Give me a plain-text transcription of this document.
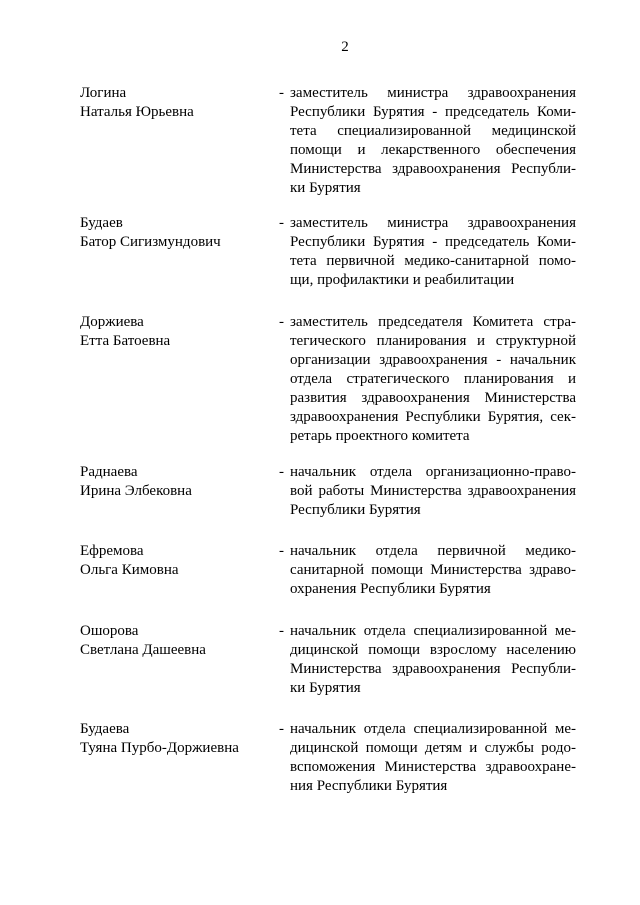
2
Логина
Наталья Юрьевна
- заместитель министра здравоохранения
Республики Бурятия - председатель Коми-
тета специализированной медицинской
помощи и лекарственного обеспечения
Министерства здравоохранения Республи-
ки Бурятия
Будаев
Батор Сигизмундович
- заместитель министра здравоохранения
Республики Бурятия - председатель Коми-
тета первичной медико-санитарной помо-
щи, профилактики и реабилитации
Доржиева
Етта Батоевна
- заместитель председателя Комитета стра-
тегического планирования и структурной
организации здравоохранения - начальник
отдела стратегического планирования и
развития здравоохранения Министерства
здравоохранения Республики Бурятия, сек-
ретарь проектного комитета
Раднаева
Ирина Элбековна
- начальник отдела организационно-право-
вой работы Министерства здравоохранения
Республики Бурятия
Ефремова
Ольга Кимовна
- начальник отдела первичной медико-
санитарной помощи Министерства здраво-
охранения Республики Бурятия
Ошорова
Светлана Дашеевна
- начальник отдела специализированной ме-
дицинской помощи взрослому населению
Министерства здравоохранения Республи-
ки Бурятия
Будаева
Туяна Пурбо-Доржиевна
- начальник отдела специализированной ме-
дицинской помощи детям и службы родо-
вспоможения Министерства здравоохране-
ния Республики Бурятия
